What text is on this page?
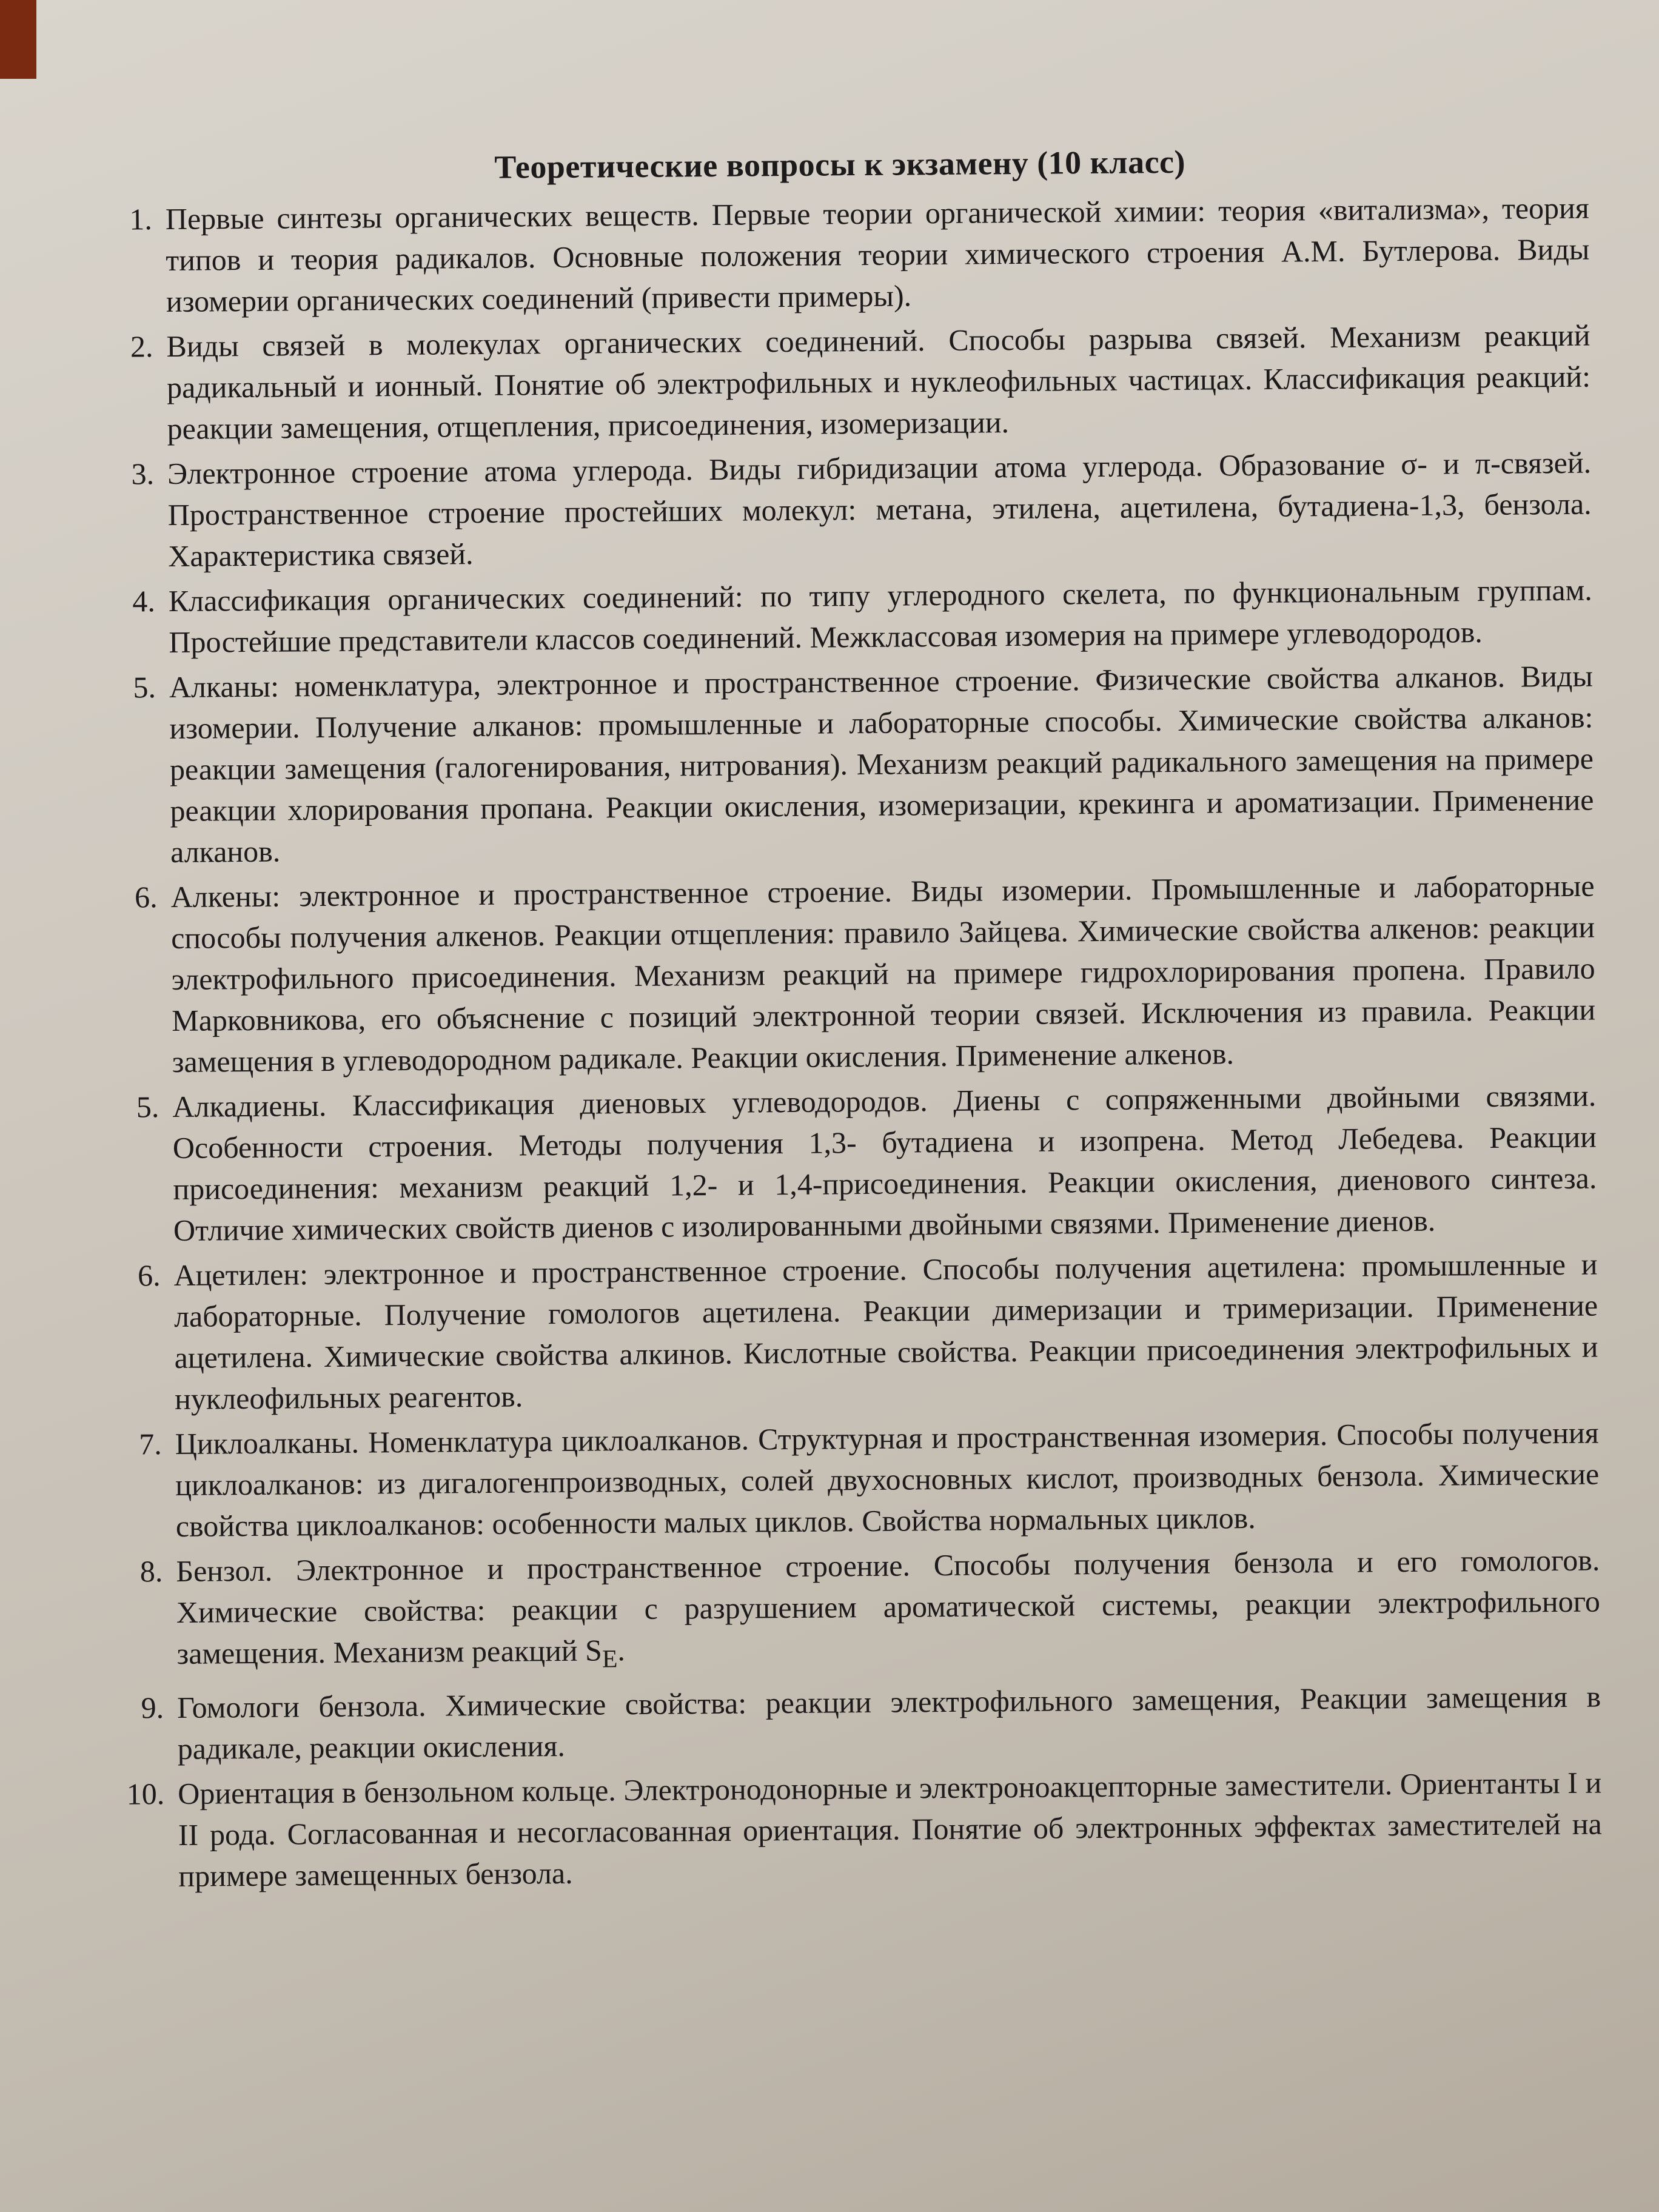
Теоретические вопросы к экзамену (10 класс)
1. Первые синтезы органических веществ. Первые теории органической химии: теория «витализма», теория типов и теория радикалов. Основные положения теории химического строения А.М. Бутлерова. Виды изомерии органических соединений (привести примеры).
2. Виды связей в молекулах органических соединений. Способы разрыва связей. Механизм реакций радикальный и ионный. Понятие об электрофильных и нуклеофильных частицах. Классификация реакций: реакции замещения, отщепления, присоединения, изомеризации.
3. Электронное строение атома углерода. Виды гибридизации атома углерода. Образование σ- и π-связей. Пространственное строение простейших молекул: метана, этилена, ацетилена, бутадиена-1,3, бензола. Характеристика связей.
4. Классификация органических соединений: по типу углеродного скелета, по функциональным группам. Простейшие представители классов соединений. Межклассовая изомерия на примере углеводородов.
5. Алканы: номенклатура, электронное и пространственное строение. Физические свойства алканов. Виды изомерии. Получение алканов: промышленные и лабораторные способы. Химические свойства алканов: реакции замещения (галогенирования, нитрования). Механизм реакций радикального замещения на примере реакции хлорирования пропана. Реакции окисления, изомеризации, крекинга и ароматизации. Применение алканов.
6. Алкены: электронное и пространственное строение. Виды изомерии. Промышленные и лабораторные способы получения алкенов. Реакции отщепления: правило Зайцева. Химические свойства алкенов: реакции электрофильного присоединения. Механизм реакций на примере гидрохлорирования пропена. Правило Марковникова, его объяснение с позиций электронной теории связей. Исключения из правила. Реакции замещения в углеводородном радикале. Реакции окисления. Применение алкенов.
5. Алкадиены. Классификация диеновых углеводородов. Диены с сопряженными двойными связями. Особенности строения. Методы получения 1,3- бутадиена и изопрена. Метод Лебедева. Реакции присоединения: механизм реакций 1,2- и 1,4-присоединения. Реакции окисления, диенового синтеза. Отличие химических свойств диенов с изолированными двойными связями. Применение диенов.
6. Ацетилен: электронное и пространственное строение. Способы получения ацетилена: промышленные и лабораторные. Получение гомологов ацетилена. Реакции димеризации и тримеризации. Применение ацетилена. Химические свойства алкинов. Кислотные свойства. Реакции присоединения электрофильных и нуклеофильных реагентов.
7. Циклоалканы. Номенклатура циклоалканов. Структурная и пространственная изомерия. Способы получения циклоалканов: из дигалогенпроизводных, солей двухосновных кислот, производных бензола. Химические свойства циклоалканов: особенности малых циклов. Свойства нормальных циклов.
8. Бензол. Электронное и пространственное строение. Способы получения бензола и его гомологов. Химические свойства: реакции с разрушением ароматической системы, реакции электрофильного замещения. Механизм реакций $S_E$.
9. Гомологи бензола. Химические свойства: реакции электрофильного замещения, Реакции замещения в радикале, реакции окисления.
10. Ориентация в бензольном кольце. Электронодонорные и электроноакцепторные заместители. Ориентанты I и II рода. Согласованная и несогласованная ориентация. Понятие об электронных эффектах заместителей на примере замещенных бензола.
